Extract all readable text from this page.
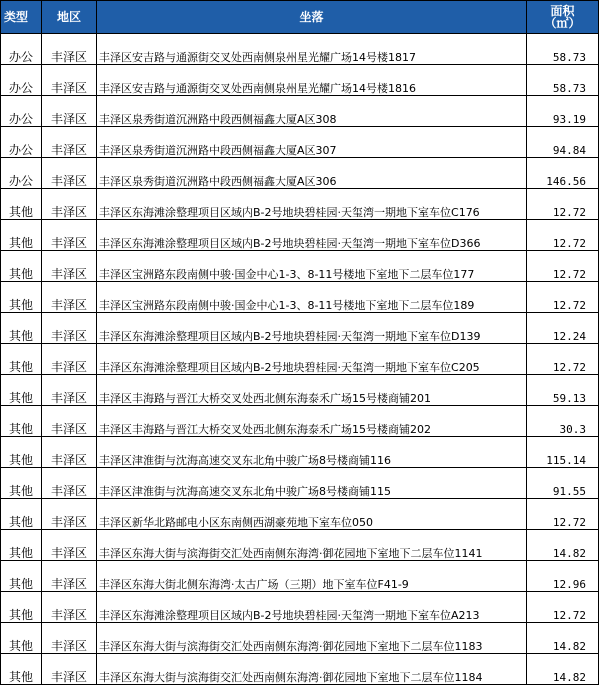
类型	地区	坐落	面积
（㎡）
办公	丰泽区	丰泽区安吉路与通源街交叉处西南侧泉州星光耀广场14号楼1817	58.73
办公	丰泽区	丰泽区安吉路与通源街交叉处西南侧泉州星光耀广场14号楼1816	58.73
办公	丰泽区	丰泽区泉秀街道沉洲路中段西侧福鑫大厦A区308	93.19
办公	丰泽区	丰泽区泉秀街道沉洲路中段西侧福鑫大厦A区307	94.84
办公	丰泽区	丰泽区泉秀街道沉洲路中段西侧福鑫大厦A区306	146.56
其他	丰泽区	丰泽区东海滩涂整理项目区域内B-2号地块碧桂园·天玺湾一期地下室车位C176	12.72
其他	丰泽区	丰泽区东海滩涂整理项目区域内B-2号地块碧桂园·天玺湾一期地下室车位D366	12.72
其他	丰泽区	丰泽区宝洲路东段南侧中骏·国金中心1-3、8-11号楼地下室地下二层车位177	12.72
其他	丰泽区	丰泽区宝洲路东段南侧中骏·国金中心1-3、8-11号楼地下室地下二层车位189	12.72
其他	丰泽区	丰泽区东海滩涂整理项目区域内B-2号地块碧桂园·天玺湾一期地下室车位D139	12.24
其他	丰泽区	丰泽区东海滩涂整理项目区域内B-2号地块碧桂园·天玺湾一期地下室车位C205	12.72
其他	丰泽区	丰泽区丰海路与晋江大桥交叉处西北侧东海泰禾广场15号楼商铺201	59.13
其他	丰泽区	丰泽区丰海路与晋江大桥交叉处西北侧东海泰禾广场15号楼商铺202	30.3
其他	丰泽区	丰泽区津淮街与沈海高速交叉东北角中骏广场8号楼商铺116	115.14
其他	丰泽区	丰泽区津淮街与沈海高速交叉东北角中骏广场8号楼商铺115	91.55
其他	丰泽区	丰泽区新华北路邮电小区东南侧西湖豪苑地下室车位050	12.72
其他	丰泽区	丰泽区东海大街与滨海街交汇处西南侧东海湾·御花园地下室地下二层车位1141	14.82
其他	丰泽区	丰泽区东海大街北侧东海湾·太古广场（三期）地下室车位F41-9	12.96
其他	丰泽区	丰泽区东海滩涂整理项目区域内B-2号地块碧桂园·天玺湾一期地下室车位A213	12.72
其他	丰泽区	丰泽区东海大街与滨海街交汇处西南侧东海湾·御花园地下室地下二层车位1183	14.82
其他	丰泽区	丰泽区东海大街与滨海街交汇处西南侧东海湾·御花园地下室地下二层车位1184	14.82
